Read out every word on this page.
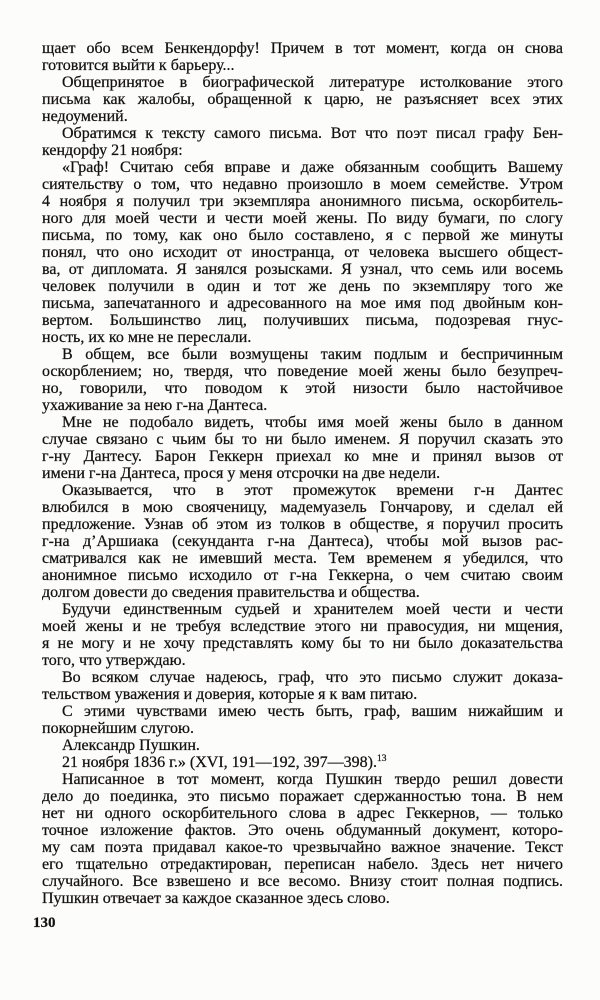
щает обо всем Бенкендорфу! Причем в тот момент, когда он снова
готовится выйти к барьеру...
Общепринятое в биографической литературе истолкование этого
письма как жалобы, обращенной к царю, не разъясняет всех этих
недоумений.
Обратимся к тексту самого письма. Вот что поэт писал графу Бен-
кендорфу 21 ноября:
«Граф! Считаю себя вправе и даже обязанным сообщить Вашему
сиятельству о том, что недавно произошло в моем семействе. Утром
4 ноября я получил три экземпляра анонимного письма, оскорбитель-
ного для моей чести и чести моей жены. По виду бумаги, по слогу
письма, по тому, как оно было составлено, я с первой же минуты
понял, что оно исходит от иностранца, от человека высшего общест-
ва, от дипломата. Я занялся розысками. Я узнал, что семь или восемь
человек получили в один и тот же день по экземпляру того же
письма, запечатанного и адресованного на мое имя под двойным кон-
вертом. Большинство лиц, получивших письма, подозревая гнус-
ность, их ко мне не переслали.
В общем, все были возмущены таким подлым и беспричинным
оскорблением; но, твердя, что поведение моей жены было безупреч-
но, говорили, что поводом к этой низости было настойчивое
ухаживание за нею г-на Дантеса.
Мне не подобало видеть, чтобы имя моей жены было в данном
случае связано с чьим бы то ни было именем. Я поручил сказать это
г-ну Дантесу. Барон Геккерн приехал ко мне и принял вызов от
имени г-на Дантеса, прося у меня отсрочки на две недели.
Оказывается, что в этот промежуток времени г-н Дантес
влюбился в мою свояченицу, мадемуазель Гончарову, и сделал ей
предложение. Узнав об этом из толков в обществе, я поручил просить
г-на д’Аршиака (секунданта г-на Дантеса), чтобы мой вызов рас-
сматривался как не имевший места. Тем временем я убедился, что
анонимное письмо исходило от г-на Геккерна, о чем считаю своим
долгом довести до сведения правительства и общества.
Будучи единственным судьей и хранителем моей чести и чести
моей жены и не требуя вследствие этого ни правосудия, ни мщения,
я не могу и не хочу представлять кому бы то ни было доказательства
того, что утверждаю.
Во всяком случае надеюсь, граф, что это письмо служит доказа-
тельством уважения и доверия, которые я к вам питаю.
С этими чувствами имею честь быть, граф, вашим нижайшим и
покорнейшим слугою.
Александр Пушкин.
21 ноября 1836 г.» (XVI, 191—192, 397—398).$^{13}$
Написанное в тот момент, когда Пушкин твердо решил довести
дело до поединка, это письмо поражает сдержанностью тона. В нем
нет ни одного оскорбительного слова в адрес Геккернов, — только
точное изложение фактов. Это очень обдуманный документ, которо-
му сам поэта придавал какое-то чрезвычайно важное значение. Текст
его тщательно отредактирован, переписан набело. Здесь нет ничего
случайного. Все взвешено и все весомо. Внизу стоит полная подпись.
Пушкин отвечает за каждое сказанное здесь слово.
130
